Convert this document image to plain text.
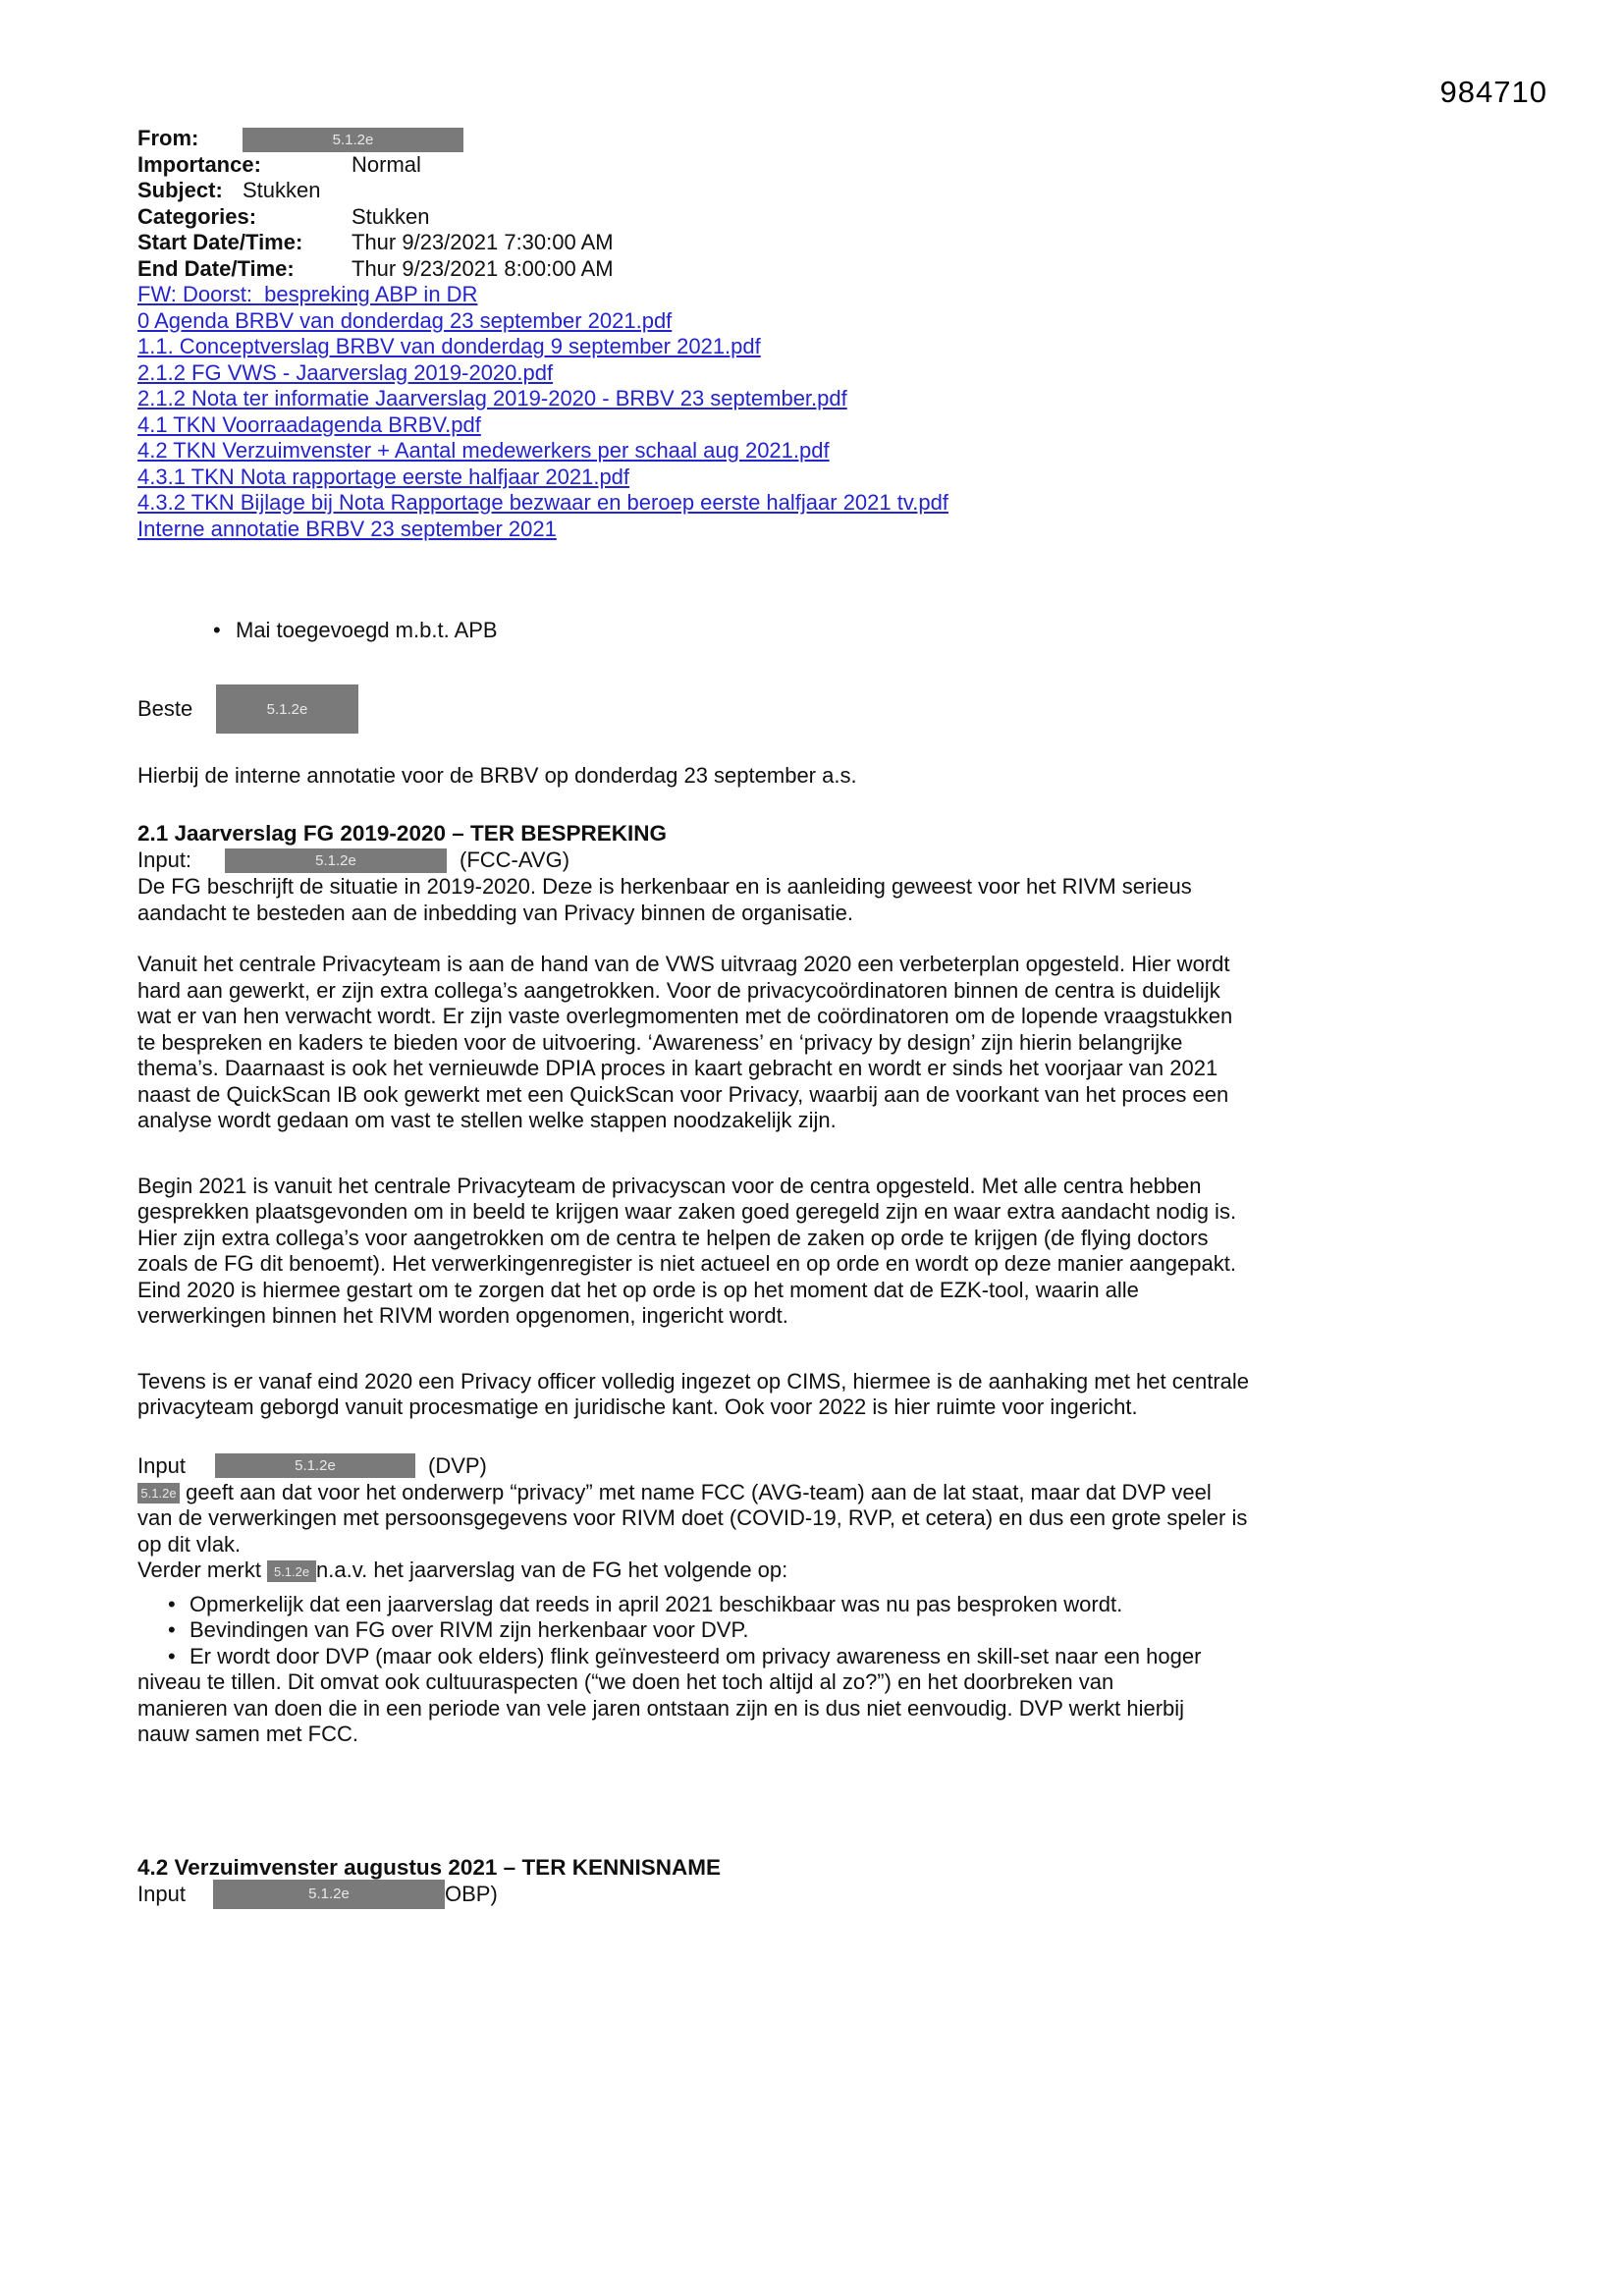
984710
From:	5.1.2e
Importance:	Normal
Subject: Stukken
Categories:	Stukken
Start Date/Time: Thur 9/23/2021 7:30:00 AM
End Date/Time:	Thur 9/23/2021 8:00:00 AM
FW: Doorst:  bespreking ABP in DR
0 Agenda BRBV van donderdag 23 september 2021.pdf
1.1. Conceptverslag BRBV van donderdag 9 september 2021.pdf
2.1.2 FG VWS - Jaarverslag 2019-2020.pdf
2.1.2 Nota ter informatie Jaarverslag 2019-2020 - BRBV 23 september.pdf
4.1 TKN Voorraadagenda BRBV.pdf
4.2 TKN Verzuimvenster + Aantal medewerkers per schaal aug 2021.pdf
4.3.1 TKN Nota rapportage eerste halfjaar 2021.pdf
4.3.2 TKN Bijlage bij Nota Rapportage bezwaar en beroep eerste halfjaar 2021 tv.pdf
Interne annotatie BRBV 23 september 2021
• Mai toegevoegd m.b.t. APB
Beste	5.1.2e
Hierbij de interne annotatie voor de BRBV op donderdag 23 september a.s.
2.1 Jaarverslag FG 2019-2020 – TER BESPREKING
Input:	5.1.2e	(FCC-AVG)
De FG beschrijft de situatie in 2019-2020. Deze is herkenbaar en is aanleiding geweest voor het RIVM serieus
aandacht te besteden aan de inbedding van Privacy binnen de organisatie.
Vanuit het centrale Privacyteam is aan de hand van de VWS uitvraag 2020 een verbeterplan opgesteld. Hier wordt
hard aan gewerkt, er zijn extra collega’s aangetrokken. Voor de privacycoördinatoren binnen de centra is duidelijk
wat er van hen verwacht wordt. Er zijn vaste overlegmomenten met de coördinatoren om de lopende vraagstukken
te bespreken en kaders te bieden voor de uitvoering. ‘Awareness’ en ‘privacy by design’ zijn hierin belangrijke
thema’s. Daarnaast is ook het vernieuwde DPIA proces in kaart gebracht en wordt er sinds het voorjaar van 2021
naast de QuickScan IB ook gewerkt met een QuickScan voor Privacy, waarbij aan de voorkant van het proces een
analyse wordt gedaan om vast te stellen welke stappen noodzakelijk zijn.
Begin 2021 is vanuit het centrale Privacyteam de privacyscan voor de centra opgesteld. Met alle centra hebben
gesprekken plaatsgevonden om in beeld te krijgen waar zaken goed geregeld zijn en waar extra aandacht nodig is.
Hier zijn extra collega’s voor aangetrokken om de centra te helpen de zaken op orde te krijgen (de flying doctors
zoals de FG dit benoemt). Het verwerkingenregister is niet actueel en op orde en wordt op deze manier aangepakt.
Eind 2020 is hiermee gestart om te zorgen dat het op orde is op het moment dat de EZK-tool, waarin alle
verwerkingen binnen het RIVM worden opgenomen, ingericht wordt.
Tevens is er vanaf eind 2020 een Privacy officer volledig ingezet op CIMS, hiermee is de aanhaking met het centrale
privacyteam geborgd vanuit procesmatige en juridische kant. Ook voor 2022 is hier ruimte voor ingericht.
Input	5.1.2e	(DVP)
5.1.2e geeft aan dat voor het onderwerp “privacy” met name FCC (AVG-team) aan de lat staat, maar dat DVP veel
van de verwerkingen met persoonsgegevens voor RIVM doet (COVID-19, RVP, et cetera) en dus een grote speler is
op dit vlak.
Verder merkt 5.1.2e n.a.v. het jaarverslag van de FG het volgende op:
• Opmerkelijk dat een jaarverslag dat reeds in april 2021 beschikbaar was nu pas besproken wordt.
• Bevindingen van FG over RIVM zijn herkenbaar voor DVP.
• Er wordt door DVP (maar ook elders) flink geïnvesteerd om privacy awareness en skill-set naar een hoger
niveau te tillen. Dit omvat ook cultuuraspecten (“we doen het toch altijd al zo?”) en het doorbreken van
manieren van doen die in een periode van vele jaren ontstaan zijn en is dus niet eenvoudig. DVP werkt hierbij
nauw samen met FCC.
4.2 Verzuimvenster augustus 2021 – TER KENNISNAME
Input	5.1.2e	OBP)
